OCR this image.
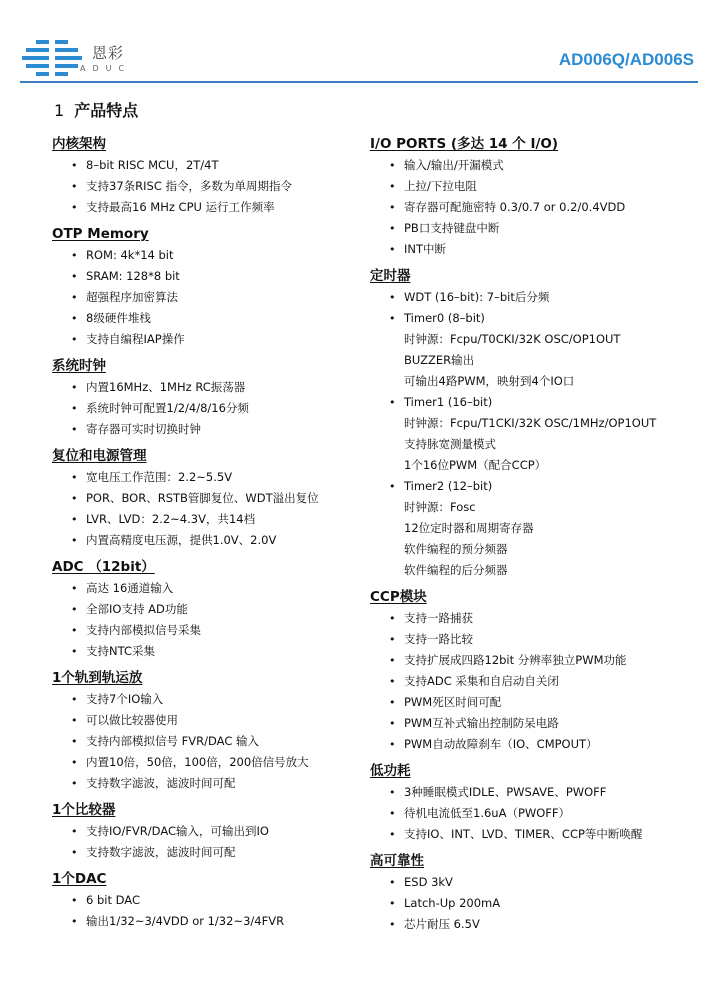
恩彩
ADUC	AD006Q/AD006S
1 产品特点
内核架构
• 8–bit RISC MCU，2T/4T
• 支持37条RISC 指令，多数为单周期指令
• 支持最高16 MHz CPU 运行工作频率
OTP Memory
• ROM: 4k*14 bit
• SRAM: 128*8 bit
• 超强程序加密算法
• 8级硬件堆栈
• 支持自编程IAP操作
系统时钟
• 内置16MHz、1MHz RC振荡器
• 系统时钟可配置1/2/4/8/16分频
• 寄存器可实时切换时钟
复位和电源管理
• 宽电压工作范围：2.2~5.5V
• POR、BOR、RSTB管脚复位、WDT溢出复位
• LVR、LVD：2.2~4.3V，共14档
• 内置高精度电压源，提供1.0V、2.0V
ADC （12bit）
• 高达 16通道输入
• 全部IO支持 AD功能
• 支持内部模拟信号采集
• 支持NTC采集
1个轨到轨运放
• 支持7个IO输入
• 可以做比较器使用
• 支持内部模拟信号 FVR/DAC 输入
• 内置10倍，50倍，100倍，200倍信号放大
• 支持数字滤波，滤波时间可配
1个比较器
• 支持IO/FVR/DAC输入，可输出到IO
• 支持数字滤波，滤波时间可配
1个DAC
• 6 bit DAC
• 输出1/32~3/4VDD or 1/32~3/4FVR
I/O PORTS (多达 14 个 I/O)
• 输入/输出/开漏模式
• 上拉/下拉电阻
• 寄存器可配施密特 0.3/0.7 or 0.2/0.4VDD
• PB口支持键盘中断
• INT中断
定时器
• WDT (16–bit): 7–bit后分频
• Timer0 (8–bit)
时钟源：Fcpu/T0CKI/32K OSC/OP1OUT
BUZZER输出
可输出4路PWM，映射到4个IO口
• Timer1 (16–bit)
时钟源：Fcpu/T1CKI/32K OSC/1MHz/OP1OUT
支持脉宽测量模式
1个16位PWM（配合CCP）
• Timer2 (12–bit)
时钟源：Fosc
12位定时器和周期寄存器
软件编程的预分频器
软件编程的后分频器
CCP模块
• 支持一路捕获
• 支持一路比较
• 支持扩展成四路12bit 分辨率独立PWM功能
• 支持ADC 采集和自启动自关闭
• PWM死区时间可配
• PWM互补式输出控制防呆电路
• PWM自动故障刹车（IO、CMPOUT）
低功耗
• 3种睡眠模式IDLE、PWSAVE、PWOFF
• 待机电流低至1.6uA（PWOFF）
• 支持IO、INT、LVD、TIMER、CCP等中断唤醒
高可靠性
• ESD 3kV
• Latch-Up 200mA
• 芯片耐压 6.5V
